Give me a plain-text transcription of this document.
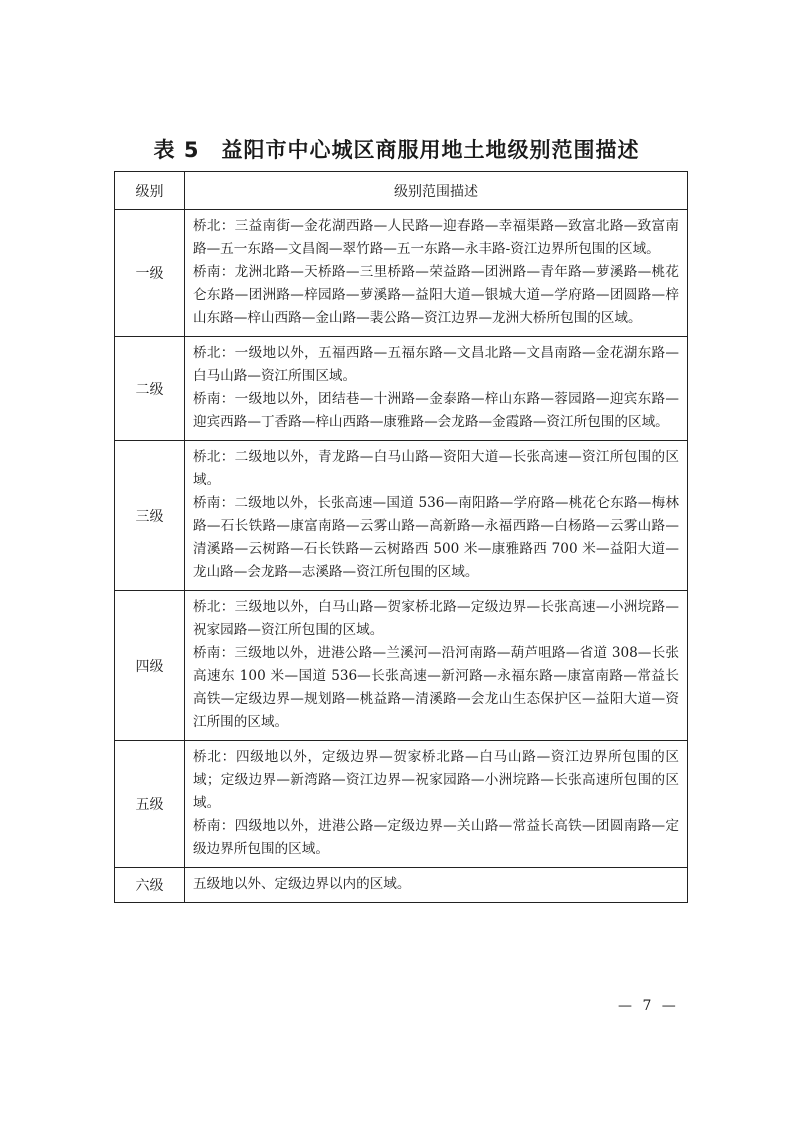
表 5　益阳市中心城区商服用地土地级别范围描述
级别	级别范围描述
一级	桥北：三益南街—金花湖西路—人民路—迎春路—幸福渠路—致富北路—致富南路—五一东路—文昌阁—翠竹路—五一东路—永丰路-资江边界所包围的区域。

桥南：龙洲北路—天桥路—三里桥路—荣益路—团洲路—青年路—萝溪路—桃花仑东路—团洲路—梓园路—萝溪路—益阳大道—银城大道—学府路—团圆路—梓山东路—梓山西路—金山路—裴公路—资江边界—龙洲大桥所包围的区域。

二级	桥北：一级地以外，五福西路—五福东路—文昌北路—文昌南路—金花湖东路—白马山路—资江所围区域。

桥南：一级地以外，团结巷—十洲路—金泰路—梓山东路—蓉园路—迎宾东路—迎宾西路—丁香路—梓山西路—康雅路—会龙路—金霞路—资江所包围的区域。

三级	桥北：二级地以外，青龙路—白马山路—资阳大道—长张高速—资江所包围的区域。

桥南：二级地以外，长张高速—国道 536—南阳路—学府路—桃花仑东路—梅林路—石长铁路—康富南路—云雾山路—高新路—永福西路—白杨路—云雾山路—清溪路—云树路—石长铁路—云树路西 500 米—康雅路西 700 米—益阳大道—龙山路—会龙路—志溪路—资江所包围的区域。

四级	桥北：三级地以外，白马山路—贺家桥北路—定级边界—长张高速—小洲垸路—祝家园路—资江所包围的区域。

桥南：三级地以外，进港公路—兰溪河—沿河南路—葫芦咀路—省道 308—长张高速东 100 米—国道 536—长张高速—新河路—永福东路—康富南路—常益长高铁—定级边界—规划路—桃益路—清溪路—会龙山生态保护区—益阳大道—资江所围的区域。

五级	桥北：四级地以外，定级边界—贺家桥北路—白马山路—资江边界所包围的区域；定级边界—新湾路—资江边界—祝家园路—小洲垸路—长张高速所包围的区域。

桥南：四级地以外，进港公路—定级边界—关山路—常益长高铁—团圆南路—定级边界所包围的区域。

六级	五级地以外、定级边界以内的区域。

— 7 —
